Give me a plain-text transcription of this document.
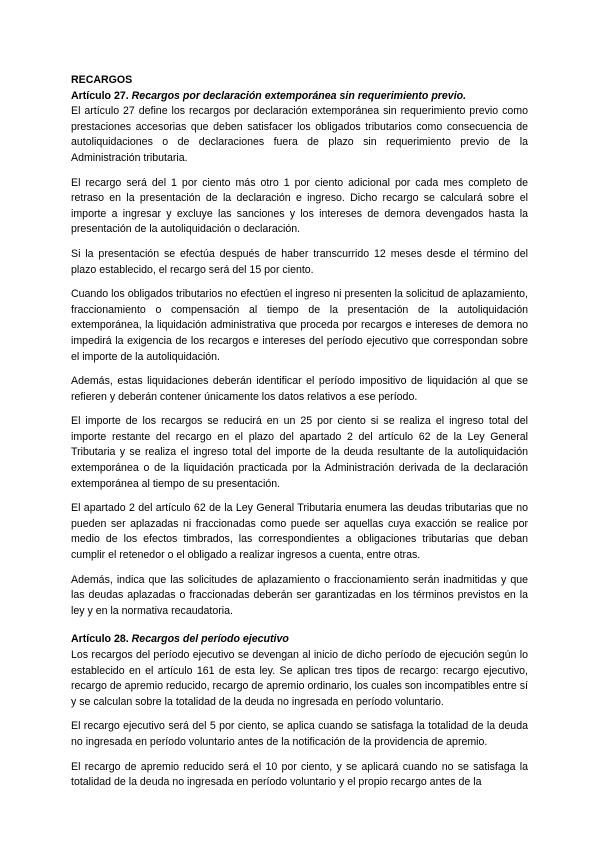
RECARGOS

Artículo 27. Recargos por declaración extemporánea sin requerimiento previo.

El artículo 27 define los recargos por declaración extemporánea sin requerimiento previo como prestaciones accesorias que deben satisfacer los obligados tributarios como consecuencia de autoliquidaciones o de declaraciones fuera de plazo sin requerimiento previo de la Administración tributaria.

El recargo será del 1 por ciento más otro 1 por ciento adicional por cada mes completo de retraso en la presentación de la declaración e ingreso. Dicho recargo se calculará sobre el importe a ingresar y excluye las sanciones y los intereses de demora devengados hasta la presentación de la autoliquidación o declaración.

Si la presentación se efectúa después de haber transcurrido 12 meses desde el término del plazo establecido, el recargo será del 15 por ciento.

Cuando los obligados tributarios no efectúen el ingreso ni presenten la solicitud de aplazamiento, fraccionamiento o compensación al tiempo de la presentación de la autoliquidación extemporánea, la liquidación administrativa que proceda por recargos e intereses de demora no impedirá la exigencia de los recargos e intereses del período ejecutivo que correspondan sobre el importe de la autoliquidación.

Además, estas liquidaciones deberán identificar el período impositivo de liquidación al que se refieren y deberán contener únicamente los datos relativos a ese período.

El importe de los recargos se reducirá en un 25 por ciento si se realiza el ingreso total del importe restante del recargo en el plazo del apartado 2 del artículo 62 de la Ley General Tributaria y se realiza el ingreso total del importe de la deuda resultante de la autoliquidación extemporánea o de la liquidación practicada por la Administración derivada de la declaración extemporánea al tiempo de su presentación.

El apartado 2 del artículo 62 de la Ley General Tributaria enumera las deudas tributarias que no pueden ser aplazadas ni fraccionadas como puede ser aquellas cuya exacción se realice por medio de los efectos timbrados, las correspondientes a obligaciones tributarias que deban cumplir el retenedor o el obligado a realizar ingresos a cuenta, entre otras.

Además, indica que las solicitudes de aplazamiento o fraccionamiento serán inadmitidas y que las deudas aplazadas o fraccionadas deberán ser garantizadas en los términos previstos en la ley y en la normativa recaudatoria.

Artículo 28. Recargos del período ejecutivo

Los recargos del período ejecutivo se devengan al inicio de dicho período de ejecución según lo establecido en el artículo 161 de esta ley. Se aplican tres tipos de recargo: recargo ejecutivo, recargo de apremio reducido, recargo de apremio ordinario, los cuales son incompatibles entre sí y se calculan sobre la totalidad de la deuda no ingresada en período voluntario.

El recargo ejecutivo será del 5 por ciento, se aplica cuando se satisfaga la totalidad de la deuda no ingresada en período voluntario antes de la notificación de la providencia de apremio.

El recargo de apremio reducido será el 10 por ciento, y se aplicará cuando no se satisfaga la totalidad de la deuda no ingresada en período voluntario y el propio recargo antes de la
